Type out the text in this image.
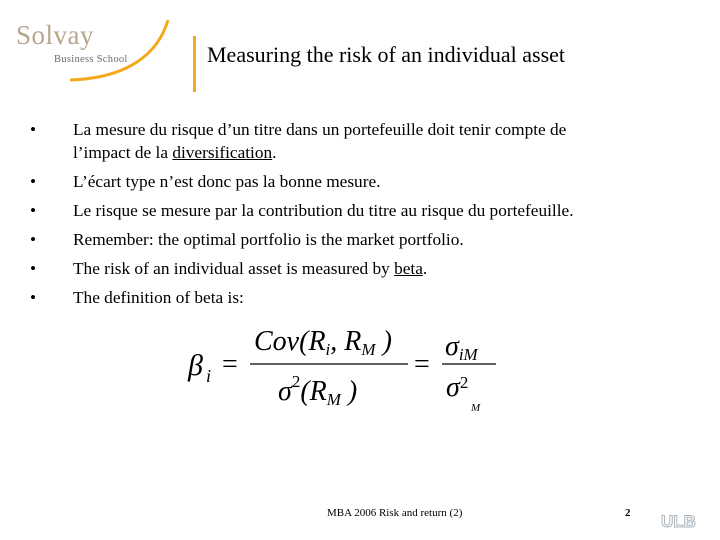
Solvay
Business School	Measuring the risk of an individual asset
• La mesure du risque d’un titre dans un portefeuille doit tenir compte de
l’impact de la diversification.
• L’écart type n’est donc pas la bonne mesure.
• Le risque se mesure par la contribution du titre au risque du portefeuille.
• Remember: the optimal portfolio is the market portfolio.
• The risk of an individual asset is measured by beta.
• The definition of beta is:
β i =
Cov(Ri, RM )
$\sigma^2(RM$ )
=
σiM
$\sigma^2$
M
MBA 2006 Risk and return (2)	2 ULB
